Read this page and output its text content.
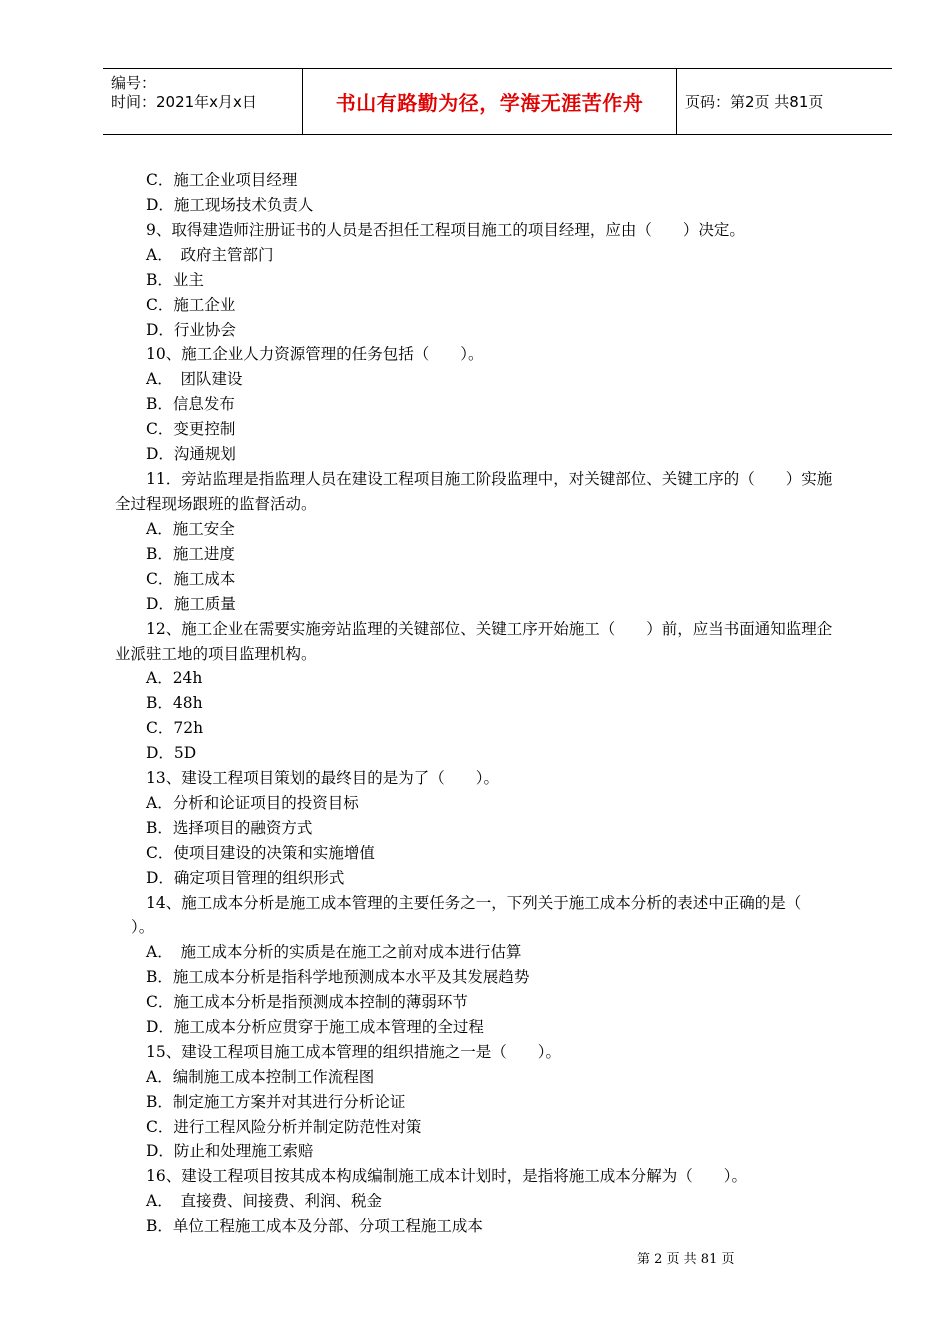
编号：
时间：2021年x月x日	书山有路勤为径，学海无涯苦作舟	页码：第2页 共81页
C．施工企业项目经理
D．施工现场技术负责人
9、取得建造师注册证书的人员是否担任工程项目施工的项目经理，应由（　　）决定。
A．　政府主管部门
B．业主
C．施工企业
D．行业协会
10、施工企业人力资源管理的任务包括（　　）。
A．　团队建设
B．信息发布
C．变更控制
D．沟通规划
11．旁站监理是指监理人员在建设工程项目施工阶段监理中，对关键部位、关键工序的（　　）实施
全过程现场跟班的监督活动。
A．施工安全
B．施工进度
C．施工成本
D．施工质量
12、施工企业在需要实施旁站监理的关键部位、关键工序开始施工（　　）前，应当书面通知监理企
业派驻工地的项目监理机构。
A．24h
B．48h
C．72h
D．5D
13、建设工程项目策划的最终目的是为了（　　）。
A．分析和论证项目的投资目标
B．选择项目的融资方式
C．使项目建设的决策和实施增值
D．确定项目管理的组织形式
14、施工成本分析是施工成本管理的主要任务之一，下列关于施工成本分析的表述中正确的是（
）。
A．　施工成本分析的实质是在施工之前对成本进行估算
B．施工成本分析是指科学地预测成本水平及其发展趋势
C．施工成本分析是指预测成本控制的薄弱环节
D．施工成本分析应贯穿于施工成本管理的全过程
15、建设工程项目施工成本管理的组织措施之一是（　　）。
A．编制施工成本控制工作流程图
B．制定施工方案并对其进行分析论证
C．进行工程风险分析并制定防范性对策
D．防止和处理施工索赔
16、建设工程项目按其成本构成编制施工成本计划时，是指将施工成本分解为（　　）。
A．　直接费、间接费、利润、税金
B．单位工程施工成本及分部、分项工程施工成本
第 2 页 共 81 页
